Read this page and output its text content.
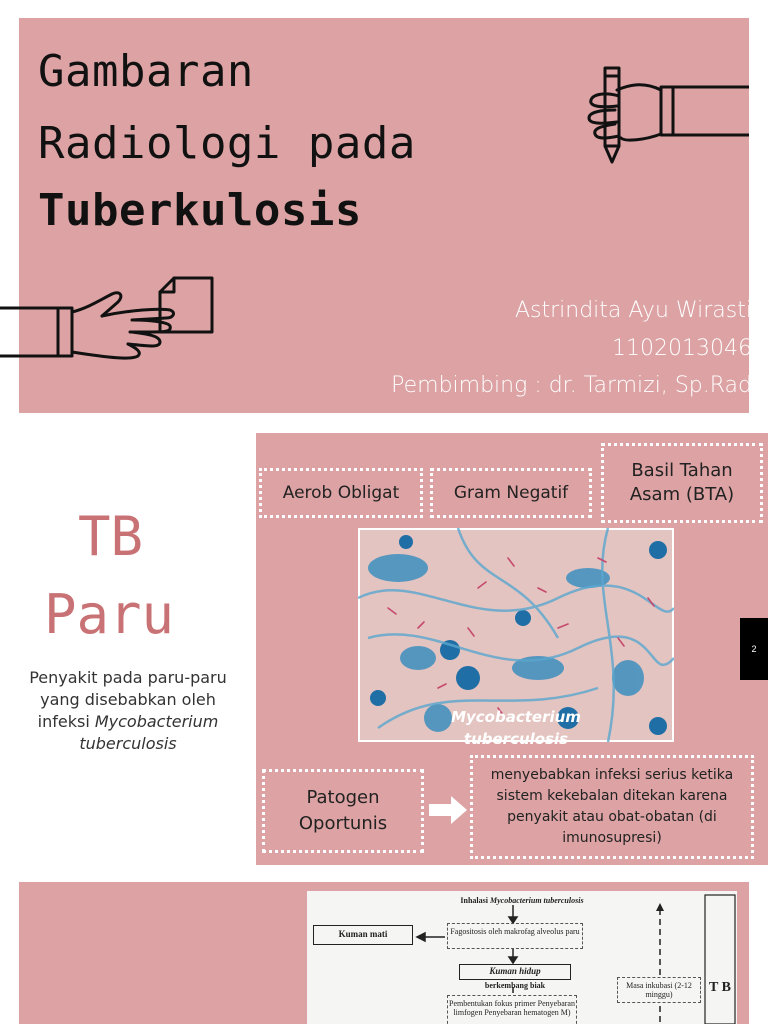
Gambaran
Radiologi pada
Tuberkulosis
Astrindita Ayu Wirasti
1102013046
Pembimbing : dr. Tarmizi, Sp.Rad
TB
Paru
Penyakit pada paru-paru yang disebabkan oleh infeksi Mycobacterium tuberculosis
Aerob Obligat	Gram Negatif
Basil Tahan Asam (BTA)
Mycobacterium tuberculosis
Patogen Oportunis
menyebabkan infeksi serius ketika sistem kekebalan ditekan karena penyakit atau obat-obatan (di imunosupresi)
2
Inhalasi Mycobacterium tuberculosis
Kuman mati	Fagositosis oleh makrofag alveolus paru
Kuman hidup
berkembang biak	Masa inkubasi (2-12 minggu)
Pembentukan fokus primer Penyebaran limfogen Penyebaran hematogen M)
T B
